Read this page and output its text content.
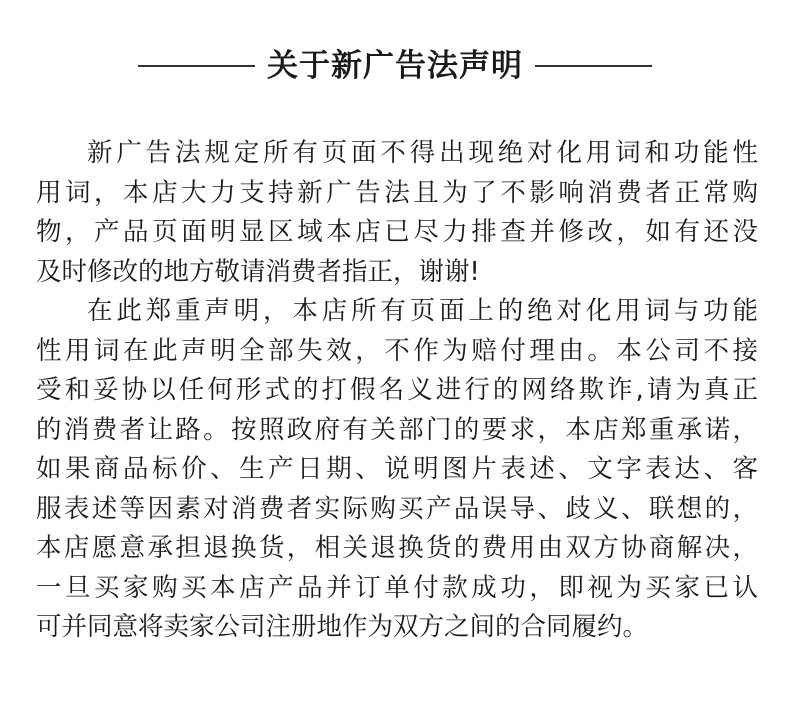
关于新广告法声明

新广告法规定所有页面不得出现绝对化用词和功能性
用词，本店大力支持新广告法且为了不影响消费者正常购
物，产品页面明显区域本店已尽力排查并修改，如有还没
及时修改的地方敬请消费者指正，谢谢!

在此郑重声明，本店所有页面上的绝对化用词与功能
性用词在此声明全部失效，不作为赔付理由。本公司不接
受和妥协以任何形式的打假名义进行的网络欺诈,请为真正
的消费者让路。按照政府有关部门的要求，本店郑重承诺，
如果商品标价、生产日期、说明图片表述、文字表达、客
服表述等因素对消费者实际购买产品误导、歧义、联想的，
本店愿意承担退换货，相关退换货的费用由双方协商解决，
一旦买家购买本店产品并订单付款成功，即视为买家已认
可并同意将卖家公司注册地作为双方之间的合同履约。
